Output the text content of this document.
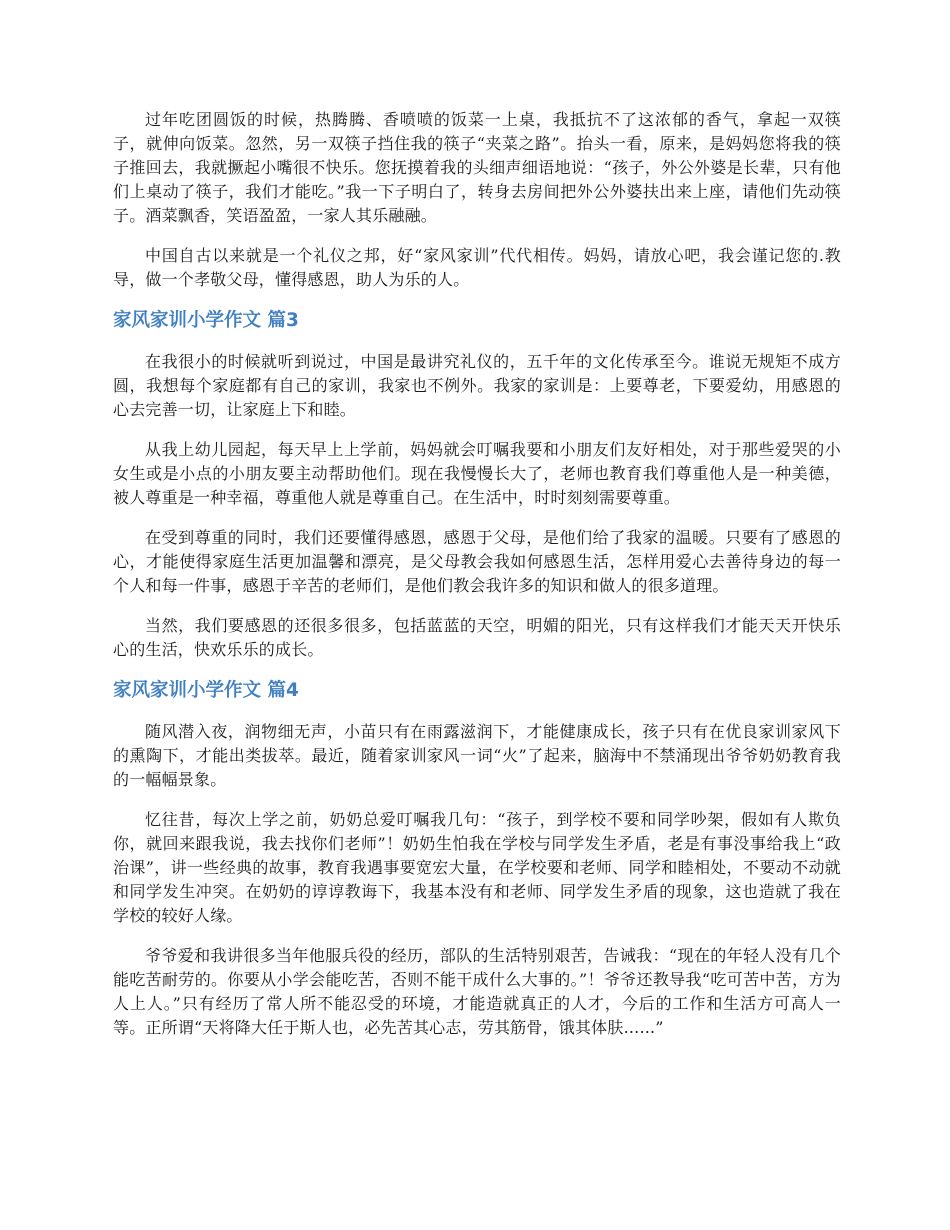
过年吃团圆饭的时候，热腾腾、香喷喷的饭菜一上桌，我抵抗不了这浓郁的香气，拿起一双筷子，就伸向饭菜。忽然，另一双筷子挡住我的筷子“夹菜之路”。抬头一看，原来，是妈妈您将我的筷子推回去，我就撅起小嘴很不快乐。您抚摸着我的头细声细语地说：“孩子，外公外婆是长辈，只有他们上桌动了筷子，我们才能吃。”我一下子明白了，转身去房间把外公外婆扶出来上座，请他们先动筷子。酒菜飘香，笑语盈盈，一家人其乐融融。

中国自古以来就是一个礼仪之邦，好“家风家训”代代相传。妈妈，请放心吧，我会谨记您的.教导，做一个孝敬父母，懂得感恩，助人为乐的人。

家风家训小学作文 篇3

在我很小的时候就听到说过，中国是最讲究礼仪的，五千年的文化传承至今。谁说无规矩不成方圆，我想每个家庭都有自己的家训，我家也不例外。我家的家训是：上要尊老，下要爱幼，用感恩的心去完善一切，让家庭上下和睦。

从我上幼儿园起，每天早上上学前，妈妈就会叮嘱我要和小朋友们友好相处，对于那些爱哭的小女生或是小点的小朋友要主动帮助他们。现在我慢慢长大了，老师也教育我们尊重他人是一种美德，被人尊重是一种幸福，尊重他人就是尊重自己。在生活中，时时刻刻需要尊重。

在受到尊重的同时，我们还要懂得感恩，感恩于父母，是他们给了我家的温暖。只要有了感恩的心，才能使得家庭生活更加温馨和漂亮，是父母教会我如何感恩生活，怎样用爱心去善待身边的每一个人和每一件事，感恩于辛苦的老师们，是他们教会我许多的知识和做人的很多道理。

当然，我们要感恩的还很多很多，包括蓝蓝的天空，明媚的阳光，只有这样我们才能天天开快乐心的生活，快欢乐乐的成长。

家风家训小学作文 篇4

随风潜入夜，润物细无声，小苗只有在雨露滋润下，才能健康成长，孩子只有在优良家训家风下的熏陶下，才能出类拔萃。最近，随着家训家风一词“火”了起来，脑海中不禁涌现出爷爷奶奶教育我的一幅幅景象。

忆往昔，每次上学之前，奶奶总爱叮嘱我几句：“孩子，到学校不要和同学吵架，假如有人欺负你，就回来跟我说，我去找你们老师”！奶奶生怕我在学校与同学发生矛盾，老是有事没事给我上“政治课”，讲一些经典的故事，教育我遇事要宽宏大量，在学校要和老师、同学和睦相处，不要动不动就和同学发生冲突。在奶奶的谆谆教诲下，我基本没有和老师、同学发生矛盾的现象，这也造就了我在学校的较好人缘。

爷爷爱和我讲很多当年他服兵役的经历，部队的生活特别艰苦，告诫我：“现在的年轻人没有几个能吃苦耐劳的。你要从小学会能吃苦，否则不能干成什么大事的。”！爷爷还教导我“吃可苦中苦，方为人上人。”只有经历了常人所不能忍受的环境，才能造就真正的人才，今后的工作和生活方可高人一等。正所谓“天将降大任于斯人也，必先苦其心志，劳其筋骨，饿其体肤......”
